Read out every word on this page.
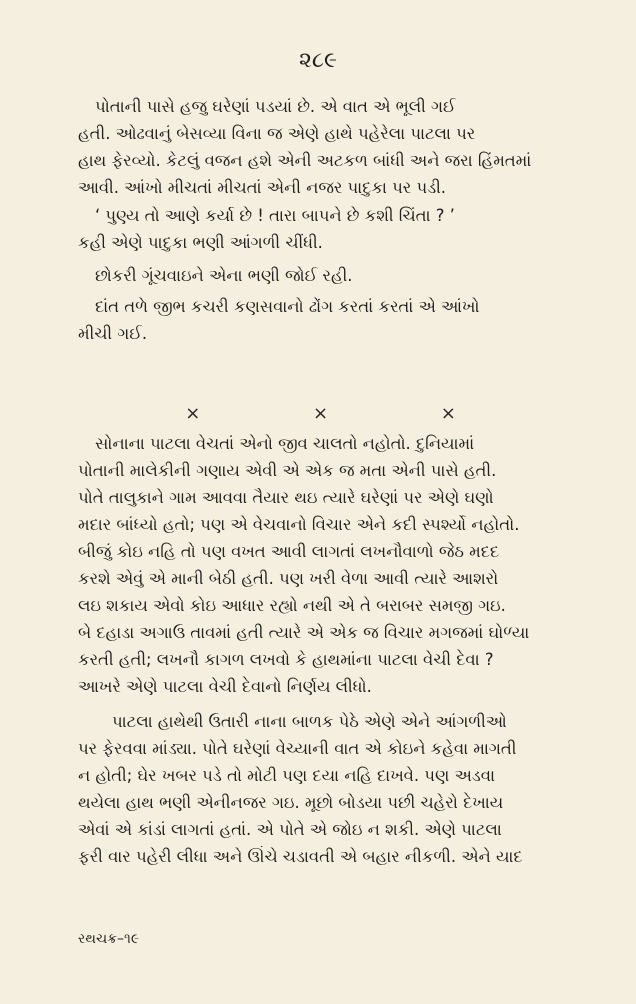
૨૮૯
પોતાની પાસે હજુ ઘરેણાં પડયાં છે. એ વાત એ ભૂલી ગઈ
હતી. ઓઢવાનું બેસવ્યા વિના જ એણે હાથે પહેરેલા પાટલા પર
હાથ ફેરવ્યો. કેટલું વજન હશે એની અટકળ બાંધી અને જરા હિંમતમાં
આવી. આંખો મીચતાં મીચતાં એની નજર પાદુકા પર પડી.
‘ પુણ્ય તો આણે કર્યા છે ! તારા બાપને છે કશી ચિંતા ? ’
કહી એણે પાદુકા ભણી આંગળી ચીંધી.
છોકરી ગૂંચવાઇને એના ભણી જોઈ રહી.
દાંત તળે જીભ કચરી કણસવાનો ઢોંગ કરતાં કરતાં એ આંખો
મીચી ગઈ.
×	×	×
સોનાના પાટલા વેચતાં એનો જીવ ચાલતો નહોતો. દુનિયામાં
પોતાની માલેકીની ગણાય એવી એ એક જ મતા એની પાસે હતી.
પોતે તાલુકાને ગામ આવવા તૈયાર થઇ ત્યારે ઘરેણાં પર એણે ઘણો
મદાર બાંધ્યો હતો; પણ એ વેચવાનો વિચાર એને કદી સ્પર્શ્યો નહોતો.
બીજું કોઇ નહિ તો પણ વખત આવી લાગતાં લખનૌવાળો જેઠ મદદ
કરશે એવું એ માની બેઠી હતી. પણ ખરી વેળા આવી ત્યારે આશરો
લઇ શકાય એવો કોઇ આધાર રહ્યો નથી એ તે બરાબર સમજી ગઇ.
બે દહાડા અગાઉ તાવમાં હતી ત્યારે એ એક જ વિચાર મગજમાં ઘોળ્યા
કરતી હતી; લખનૌ કાગળ લખવો કે હાથમાંના પાટલા વેચી દેવા ?
આખરે એણે પાટલા વેચી દેવાનો નિર્ણય લીધો.
પાટલા હાથેથી ઉતારી નાના બાળક પેઠે એણે એને આંગળીઓ
પર ફેરવવા માંડ્યા. પોતે ઘરેણાં વેચ્યાની વાત એ કોઇને કહેવા માગતી
ન હોતી; ઘેર ખબર પડે તો મોટી પણ દયા નહિ દાખવે. પણ અડવા
થયેલા હાથ ભણી એનીનજર ગઇ. મૂછો બોડયા પછી ચહેરો દેખાય
એવાં એ કાંડાં લાગતાં હતાં. એ પોતે એ જોઇ ન શકી. એણે પાટલા
ફરી વાર પહેરી લીધા અને ઊંચે ચડાવતી એ બહાર નીકળી. એને યાદ
રથચક્ર–૧૯
